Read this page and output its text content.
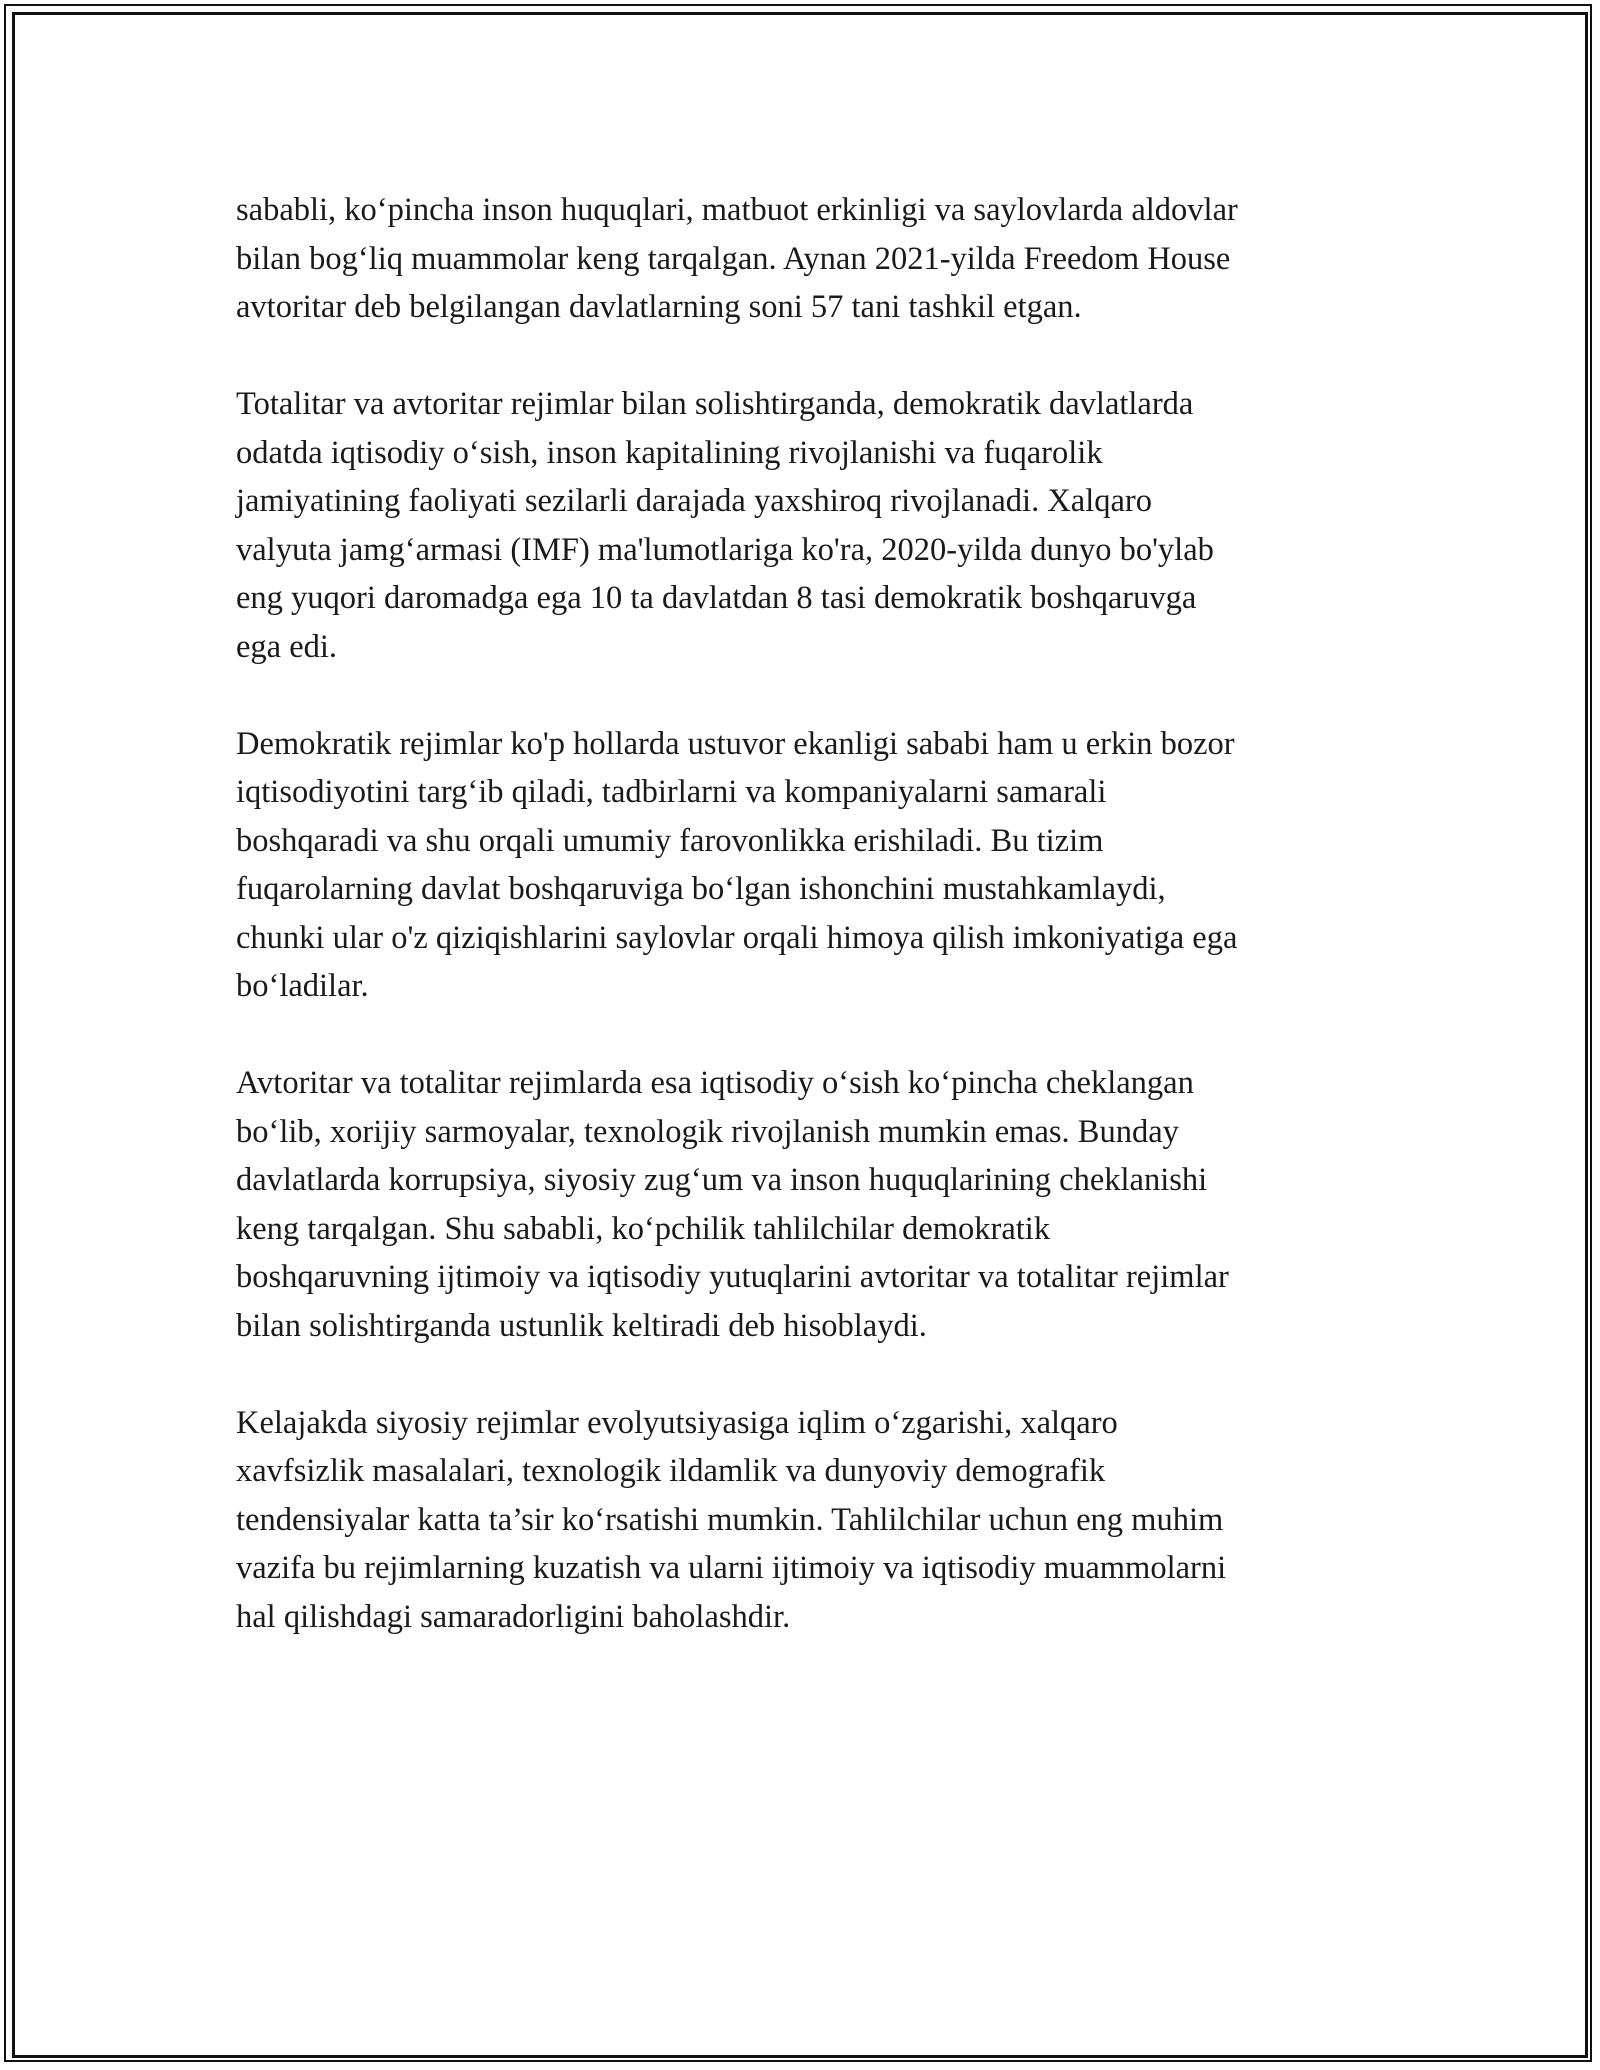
sababli, ko‘pincha inson huquqlari, matbuot erkinligi va saylovlarda aldovlar
bilan bog‘liq muammolar keng tarqalgan. Aynan 2021-yilda Freedom House
avtoritar deb belgilangan davlatlarning soni 57 tani tashkil etgan.

Totalitar va avtoritar rejimlar bilan solishtirganda, demokratik davlatlarda
odatda iqtisodiy o‘sish, inson kapitalining rivojlanishi va fuqarolik
jamiyatining faoliyati sezilarli darajada yaxshiroq rivojlanadi. Xalqaro
valyuta jamg‘armasi (IMF) ma'lumotlariga ko'ra, 2020-yilda dunyo bo'ylab
eng yuqori daromadga ega 10 ta davlatdan 8 tasi demokratik boshqaruvga
ega edi.

Demokratik rejimlar ko'p hollarda ustuvor ekanligi sababi ham u erkin bozor
iqtisodiyotini targ‘ib qiladi, tadbirlarni va kompaniyalarni samarali
boshqaradi va shu orqali umumiy farovonlikka erishiladi. Bu tizim
fuqarolarning davlat boshqaruviga bo‘lgan ishonchini mustahkamlaydi,
chunki ular o'z qiziqishlarini saylovlar orqali himoya qilish imkoniyatiga ega
bo‘ladilar.

Avtoritar va totalitar rejimlarda esa iqtisodiy o‘sish ko‘pincha cheklangan
bo‘lib, xorijiy sarmoyalar, texnologik rivojlanish mumkin emas. Bunday
davlatlarda korrupsiya, siyosiy zug‘um va inson huquqlarining cheklanishi
keng tarqalgan. Shu sababli, ko‘pchilik tahlilchilar demokratik
boshqaruvning ijtimoiy va iqtisodiy yutuqlarini avtoritar va totalitar rejimlar
bilan solishtirganda ustunlik keltiradi deb hisoblaydi.

Kelajakda siyosiy rejimlar evolyutsiyasiga iqlim o‘zgarishi, xalqaro
xavfsizlik masalalari, texnologik ildamlik va dunyoviy demografik
tendensiyalar katta ta’sir ko‘rsatishi mumkin. Tahlilchilar uchun eng muhim
vazifa bu rejimlarning kuzatish va ularni ijtimoiy va iqtisodiy muammolarni
hal qilishdagi samaradorligini baholashdir.
